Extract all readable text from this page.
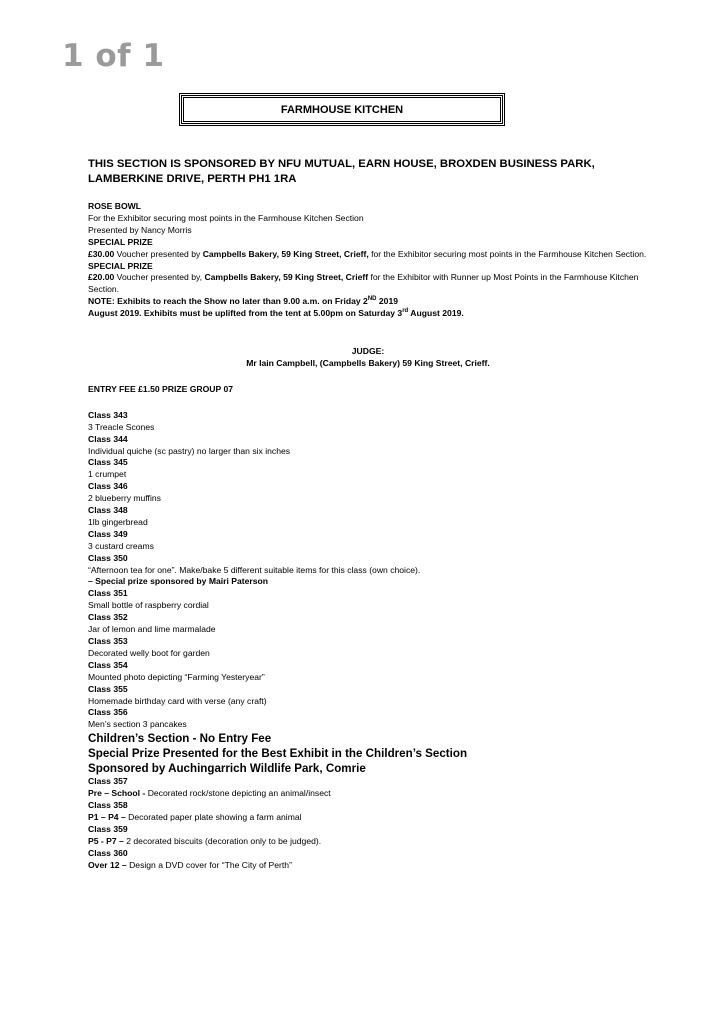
1 of 1
FARMHOUSE KITCHEN
THIS SECTION IS SPONSORED BY NFU MUTUAL, EARN HOUSE, BROXDEN BUSINESS PARK,
LAMBERKINE DRIVE, PERTH PH1 1RA
ROSE BOWL
For the Exhibitor securing most points in the Farmhouse Kitchen Section
Presented by Nancy Morris
SPECIAL PRIZE
£30.00 Voucher presented by Campbells Bakery, 59 King Street, Crieff, for the Exhibitor securing most points in the Farmhouse Kitchen Section.
SPECIAL PRIZE
£20.00 Voucher presented by, Campbells Bakery, 59 King Street, Crieff for the Exhibitor with Runner up Most Points in the Farmhouse Kitchen Section.
NOTE: Exhibits to reach the Show no later than 9.00 a.m. on Friday 2ND 2019
August 2019. Exhibits must be uplifted from the tent at 5.00pm on Saturday 3rd August 2019.
JUDGE:
Mr Iain Campbell, (Campbells Bakery) 59 King Street, Crieff.
ENTRY FEE £1.50 PRIZE GROUP 07
Class 343
3 Treacle Scones
Class 344
Individual quiche (sc pastry) no larger than six inches
Class 345
1 crumpet
Class 346
2 blueberry muffins
Class 348
1lb gingerbread
Class 349
3 custard creams
Class 350
“Afternoon tea for one”. Make/bake 5 different suitable items for this class (own choice).
– Special prize sponsored by Mairi Paterson
Class 351
Small bottle of raspberry cordial
Class 352
Jar of lemon and lime marmalade
Class 353
Decorated welly boot for garden
Class 354
Mounted photo depicting “Farming Yesteryear”
Class 355
Homemade birthday card with verse (any craft)
Class 356
Men’s section 3 pancakes
Children’s Section - No Entry Fee
Special Prize Presented for the Best Exhibit in the Children’s Section
Sponsored by Auchingarrich Wildlife Park, Comrie
Class 357
Pre – School - Decorated rock/stone depicting an animal/insect
Class 358
P1 – P4 – Decorated paper plate showing a farm animal
Class 359
P5 - P7 – 2 decorated biscuits (decoration only to be judged).
Class 360
Over 12 – Design a DVD cover for “The City of Perth”
